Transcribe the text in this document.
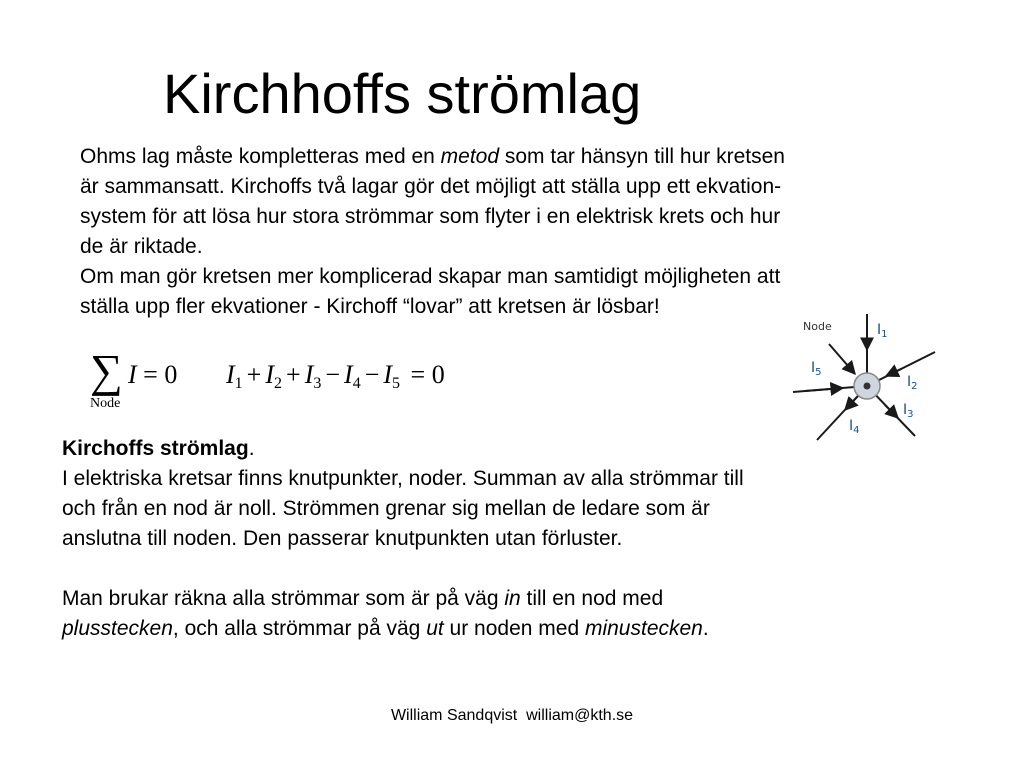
Kirchhoffs strömlag

Ohms lag måste kompletteras med en metod som tar hänsyn till hur kretsen

är sammansatt. Kirchoffs två lagar gör det möjligt att ställa upp ett ekvation-

system för att lösa hur stora strömmar som flyter i en elektrisk krets och hur

de är riktade.

Om man gör kretsen mer komplicerad skapar man samtidigt möjligheten att

ställa upp fler ekvationer - Kirchoff “lovar” att kretsen är lösbar!

∑
Node
I = 0	$I_1 + I_2 + I_3 - I_4 - I_5 = 0$
Node	$I_1$
$I_2$
$I_3$
$I_4$
$I_5$

Kirchoffs strömlag.

I elektriska kretsar finns knutpunkter, noder. Summan av alla strömmar till

och från en nod är noll. Strömmen grenar sig mellan de ledare som är

anslutna till noden. Den passerar knutpunkten utan förluster.

Man brukar räkna alla strömmar som är på väg in till en nod med

plusstecken, och alla strömmar på väg ut ur noden med minustecken.

William Sandqvist  william@kth.se
